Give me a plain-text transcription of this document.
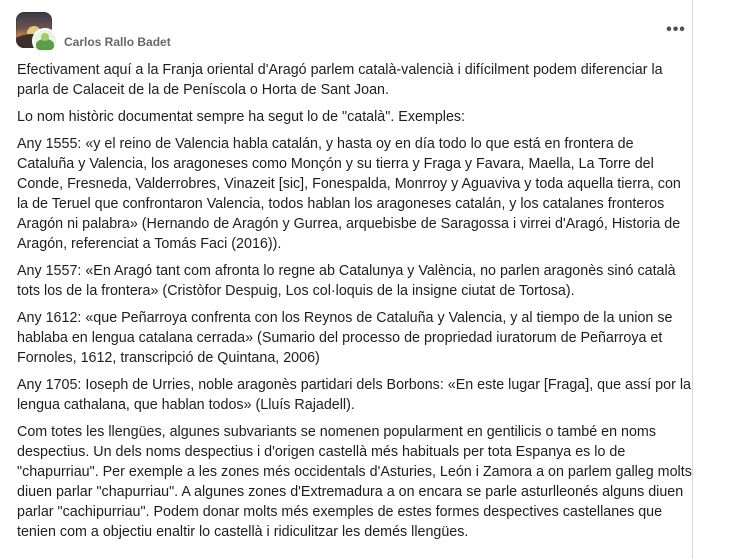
Carlos Rallo Badet
•••

Efectivament aquí a la Franja oriental d'Aragó parlem català-valencià i difícilment podem diferenciar la parla de Calaceit de la de Peníscola o Horta de Sant Joan.

Lo nom històric documentat sempre ha segut lo de "català". Exemples:

Any 1555: «y el reino de Valencia habla catalán, y hasta oy en día todo lo que está en frontera de Cataluña y Valencia, los aragoneses como Monçón y su tierra y Fraga y Favara, Maella, La Torre del Conde, Fresneda, Valderrobres, Vinazeit [sic], Fonespalda, Monrroy y Aguaviva y toda aquella tierra, con la de Teruel que confrontaron Valencia, todos hablan los aragoneses catalán, y los catalanes fronteros Aragón ni palabra» (Hernando de Aragón y Gurrea, arquebisbe de Saragossa i virrei d'Aragó, Historia de Aragón, referenciat a Tomás Faci (2016)).

Any 1557: «En Aragó tant com afronta lo regne ab Catalunya y València, no parlen aragonès sinó català tots los de la frontera» (Cristòfor Despuig, Los col·loquis de la insigne ciutat de Tortosa).

Any 1612: «que Peñarroya confrenta con los Reynos de Cataluña y Valencia, y al tiempo de la union se hablaba en lengua catalana cerrada» (Sumario del processo de propriedad iuratorum de Peñarroya et Fornoles, 1612, transcripció de Quintana, 2006)

Any 1705: Ioseph de Urries, noble aragonès partidari dels Borbons: «En este lugar [Fraga], que assí por la lengua cathalana, que hablan todos» (Lluís Rajadell).

Com totes les llengües, algunes subvariants se nomenen popularment en gentilicis o també en noms despectius. Un dels noms despectius i d'origen castellà més habituals per tota Espanya es lo de "chapurriau". Per exemple a les zones més occidentals d'Asturies, León i Zamora a on parlem galleg molts diuen parlar "chapurriau". A algunes zones d'Extremadura a on encara se parle asturlleonés alguns diuen parlar "cachipurriau". Podem donar molts més exemples de estes formes despectives castellanes que tenien com a objectiu enaltir lo castellà i ridiculitzar les demés llengües.
